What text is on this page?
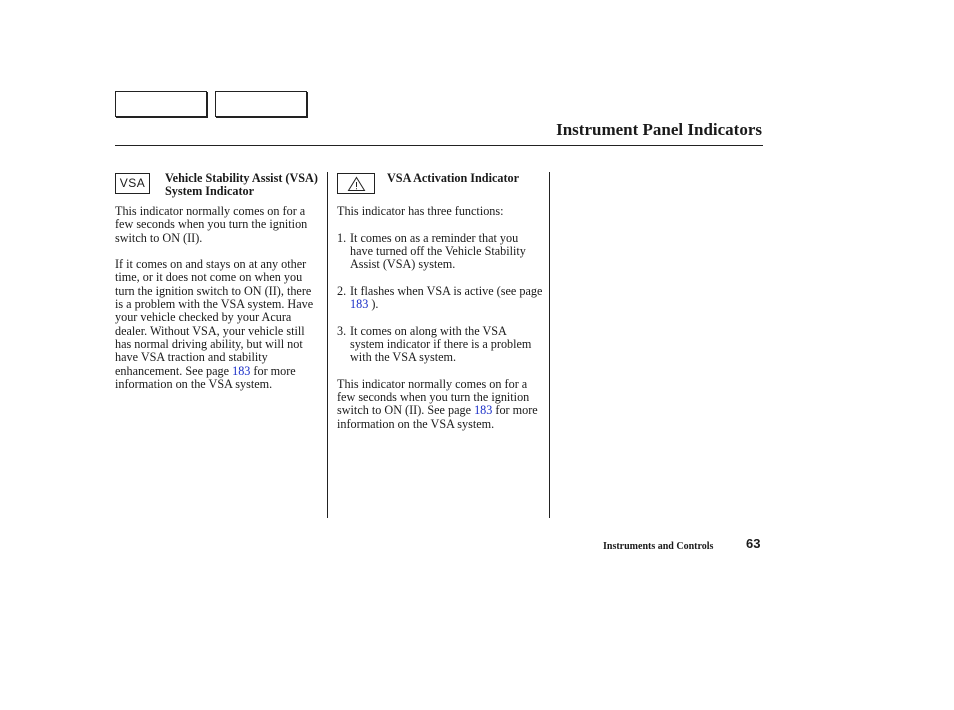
Instrument Panel Indicators
VSA	Vehicle Stability Assist (VSA) System Indicator

This indicator normally comes on for a few seconds when you turn the ignition switch to ON (II).

If it comes on and stays on at any other time, or it does not come on when you turn the ignition switch to ON (II), there is a problem with the VSA system. Have your vehicle checked by your Acura dealer. Without VSA, your vehicle still has normal driving ability, but will not have VSA traction and stability enhancement. See page 183 for more information on the VSA system.

VSA Activation Indicator

This indicator has three functions:

1. It comes on as a reminder that you have turned off the Vehicle Stability Assist (VSA) system.
2. It flashes when VSA is active (see page 183 ).
3. It comes on along with the VSA system indicator if there is a problem with the VSA system.

This indicator normally comes on for a few seconds when you turn the ignition switch to ON (II). See page 183 for more information on the VSA system.

Instruments and Controls	63
